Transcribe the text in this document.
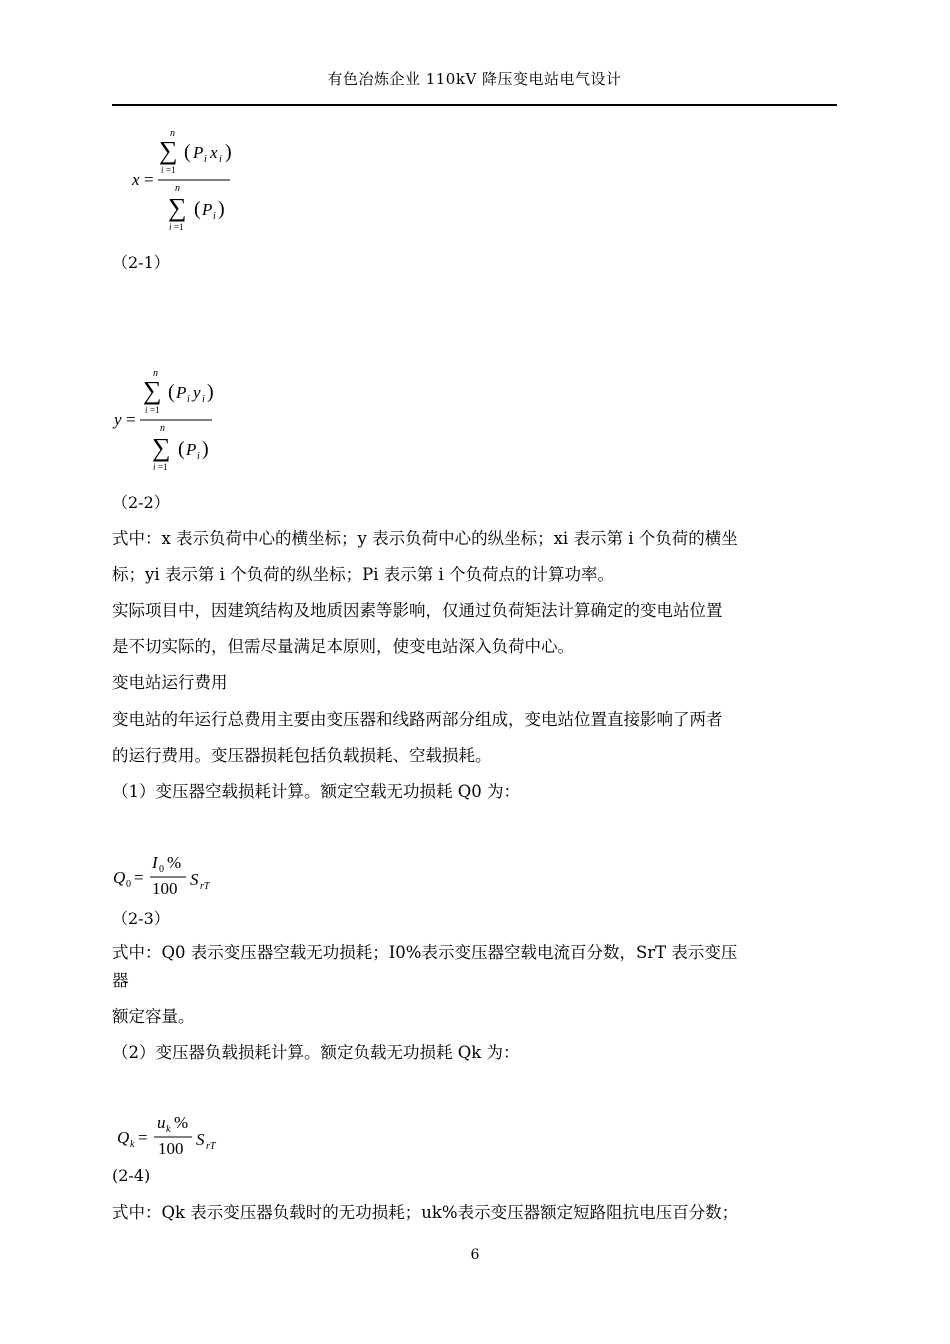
有色冶炼企业 110kV 降压变电站电气设计
n
∑
i =1
( P i x i )
x = n
∑
i =1
( P i )
（2-1）
n
∑
i =1
( P i y i )
y = n
∑
i =1
( P i )
（2-2）
式中：x 表示负荷中心的横坐标；y 表示负荷中心的纵坐标；xi 表示第 i 个负荷的横坐
标；yi 表示第 i 个负荷的纵坐标；Pi 表示第 i 个负荷点的计算功率。
实际项目中，因建筑结构及地质因素等影响，仅通过负荷矩法计算确定的变电站位置
是不切实际的，但需尽量满足本原则，使变电站深入负荷中心。
变电站运行费用
变电站的年运行总费用主要由变压器和线路两部分组成，变电站位置直接影响了两者
的运行费用。变压器损耗包括负载损耗、空载损耗。
（1）变压器空载损耗计算。额定空载无功损耗 Q0 为：
Q 0 =
I 0 %
100 S rT
（2-3）
式中：Q0 表示变压器空载无功损耗；I0%表示变压器空载电流百分数，SrT 表示变压
器
额定容量。
（2）变压器负载损耗计算。额定负载无功损耗 Qk 为：
Q k =
u k %
100 S rT
(2-4)
式中：Qk 表示变压器负载时的无功损耗；uk%表示变压器额定短路阻抗电压百分数；
6
